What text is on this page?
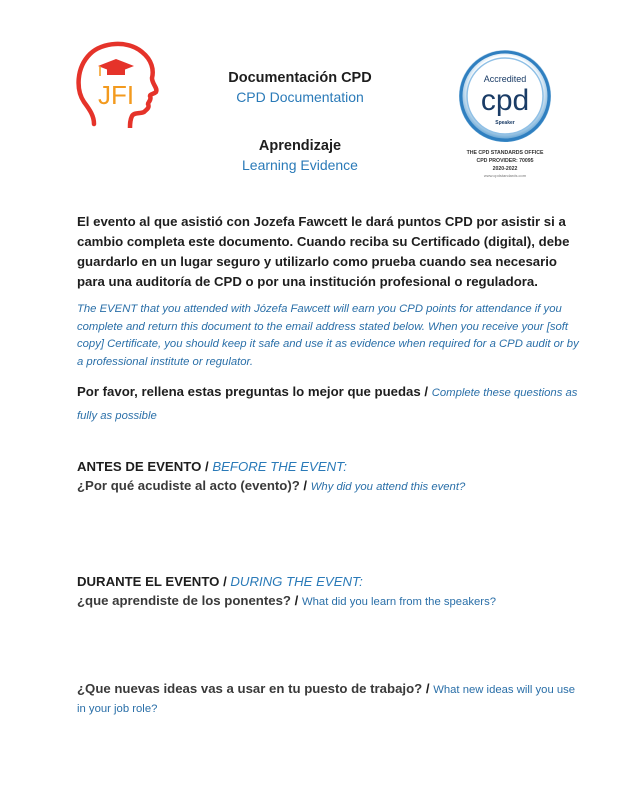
JFI
Documentación CPD
CPD Documentation
Aprendizaje
Learning Evidence
Accredited
cpd
Speaker
THE CPD STANDARDS OFFICE
CPD PROVIDER: 70095
2020-2022
www.cpdstandards.com
El evento al que asistió con Jozefa Fawcett le dará puntos CPD por asistir si a cambio completa este documento. Cuando reciba su Certificado (digital), debe guardarlo en un lugar seguro y utilizarlo como prueba cuando sea necesario para una auditoría de CPD o por una institución profesional o reguladora.
The EVENT that you attended with Józefa Fawcett will earn you CPD points for attendance if you complete and return this document to the email address stated below. When you receive your [soft copy] Certificate, you should keep it safe and use it as evidence when required for a CPD audit or by a professional institute or regulator.
Por favor, rellena estas preguntas lo mejor que puedas / Complete these questions as fully as possible
ANTES DE EVENTO / BEFORE THE EVENT:
¿Por qué acudiste al acto (evento)? / Why did you attend this event?
DURANTE EL EVENTO / DURING THE EVENT:
¿que aprendiste de los ponentes? / What did you learn from the speakers?
¿Que nuevas ideas vas a usar en tu puesto de trabajo? / What new ideas will you use in your job role?
